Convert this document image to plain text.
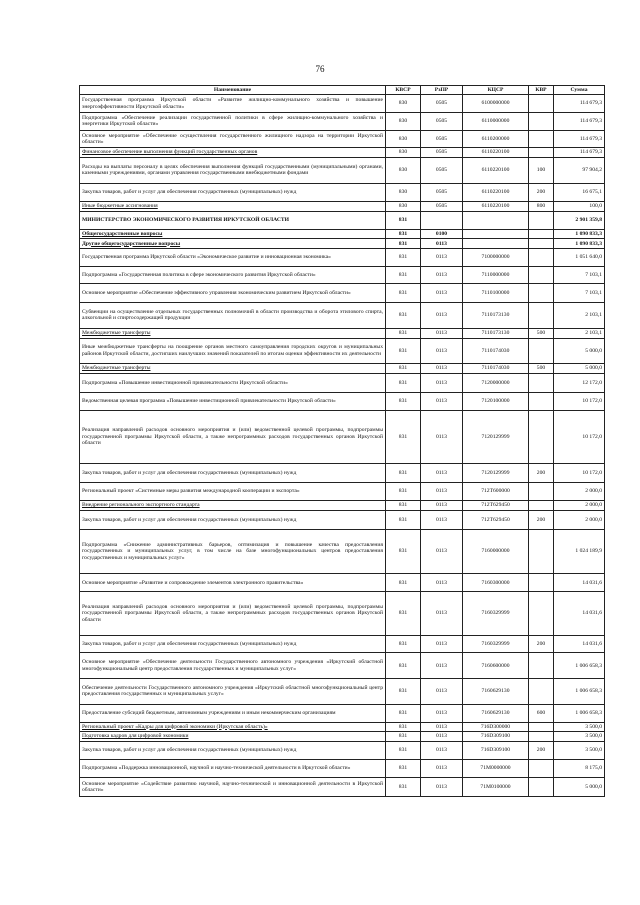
76
Наименование	КВСР	РзПР	КЦСР	КВР	Сумма
Государственная программа Иркутской области «Развитие жилищно-коммунального хозяйства и повышение энергоэффективности Иркутской области»	830	0505	6100000000		114 679,3
Подпрограмма «Обеспечение реализации государственной политики в сфере жилищно-коммунального хозяйства и энергетики Иркутской области»	830	0505	6110000000		114 679,3
Основное мероприятие «Обеспечение осуществления государственного жилищного надзора на территории Иркутской области»	830	0505	6110200000		114 679,3
Финансовое обеспечение выполнения функций государственных органов	830	0505	6110220100		114 679,3
Расходы на выплаты персоналу в целях обеспечения выполнения функций государственными (муниципальными) органами, казенными учреждениями, органами управления государственными внебюджетными фондами	830	0505	6110220100	100	97 904,2
Закупка товаров, работ и услуг для обеспечения государственных (муниципальных) нужд	830	0505	6110220100	200	16 675,1
Иные бюджетные ассигнования	830	0505	6110220100	800	100,0
МИНИСТЕРСТВО ЭКОНОМИЧЕСКОГО РАЗВИТИЯ ИРКУТСКОЙ ОБЛАСТИ	831				2 901 359,8
Общегосударственные вопросы	831	0100			1 090 833,3
Другие общегосударственные вопросы	831	0113			1 090 833,3
Государственная программа Иркутской области «Экономическое развитие и инновационная экономика»	831	0113	7100000000		1 051 640,0
Подпрограмма «Государственная политика в сфере экономического развития Иркутской области»	831	0113	7110000000		7 103,1
Основное мероприятие «Обеспечение эффективного управления экономическим развитием Иркутской области»	831	0113	7110100000		7 103,1
Субвенции на осуществление отдельных государственных полномочий в области производства и оборота этилового спирта, алкогольной и спиртосодержащей продукции	831	0113	7110173130		2 103,1
Межбюджетные трансферты	831	0113	7110173130	500	2 103,1
Иные межбюджетные трансферты на поощрение органов местного самоуправления городских округов и муниципальных районов Иркутской области, достигших наилучших значений показателей по итогам оценки эффективности их деятельности	831	0113	7110174030		5 000,0
Межбюджетные трансферты	831	0113	7110174030	500	5 000,0
Подпрограмма «Повышение инвестиционной привлекательности Иркутской области»	831	0113	7120000000		12 172,0
Ведомственная целевая программа «Повышение инвестиционной привлекательности Иркутской области»	831	0113	7120100000		10 172,0
Реализация направлений расходов основного мероприятия и (или) ведомственной целевой программы, подпрограммы государственной программы Иркутской области, а также непрограммных расходов государственных органов Иркутской области	831	0113	7120129999		10 172,0
Закупка товаров, работ и услуг для обеспечения государственных (муниципальных) нужд	831	0113	7120129999	200	10 172,0
Региональный проект «Системные меры развития международной кооперации и экспорта»	831	0113	712T600000		2 000,0
Внедрение регионального экспортного стандарта	831	0113	712T629450		2 000,0
Закупка товаров, работ и услуг для обеспечения государственных (муниципальных) нужд	831	0113	712T629450	200	2 000,0
Подпрограмма «Снижение административных барьеров, оптимизация и повышение качества предоставления государственных и муниципальных услуг, в том числе на базе многофункциональных центров предоставления государственных и муниципальных услуг»	831	0113	7160000000		1 024 189,9
Основное мероприятие «Развитие и сопровождение элементов электронного правительства»	831	0113	7160300000		14 031,6
Реализация направлений расходов основного мероприятия и (или) ведомственной целевой программы, подпрограммы государственной программы Иркутской области, а также непрограммных расходов государственных органов Иркутской области	831	0113	7160329999		14 031,6
Закупка товаров, работ и услуг для обеспечения государственных (муниципальных) нужд	831	0113	7160329999	200	14 031,6
Основное мероприятие «Обеспечение деятельности Государственного автономного учреждения «Иркутский областной многофункциональный центр предоставления государственных и муниципальных услуг»	831	0113	7160600000		1 006 658,3
Обеспечение деятельности Государственного автономного учреждения «Иркутский областной многофункциональный центр предоставления государственных и муниципальных услуг»	831	0113	7160629130		1 006 658,3
Предоставление субсидий бюджетным, автономным учреждениям и иным некоммерческим организациям	831	0113	7160629130	600	1 006 658,3
Региональный проект «Кадры для цифровой экономики (Иркутская область)»	831	0113	716D300000		3 500,0
Подготовка кадров для цифровой экономики	831	0113	716D309100		3 500,0
Закупка товаров, работ и услуг для обеспечения государственных (муниципальных) нужд	831	0113	716D309100	200	3 500,0
Подпрограмма «Поддержка инновационной, научной и научно-технической деятельности в Иркутской области»	831	0113	71M0000000		8 175,0
Основное мероприятие «Содействие развитию научной, научно-технической и инновационной деятельности в Иркутской области»	831	0113	71M0100000		5 000,0
